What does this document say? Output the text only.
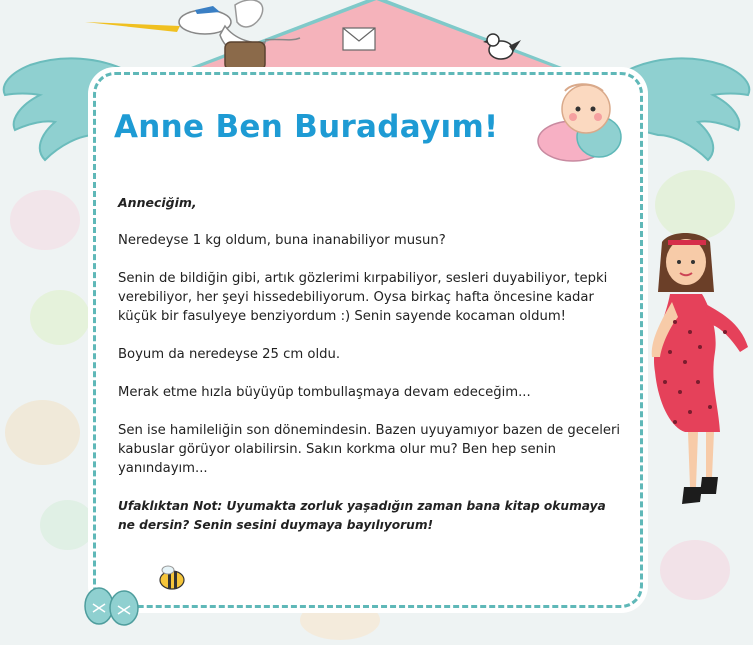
Anne Ben Buradayım!

Anneciğim,

Neredeyse 1 kg oldum, buna inanabiliyor musun?

Senin de bildiğin gibi, artık gözlerimi kırpabiliyor, sesleri duyabiliyor, tepki verebiliyor, her şeyi hissedebiliyorum. Oysa birkaç hafta öncesine kadar küçük bir fasulyeye benziyordum :) Senin sayende kocaman oldum!

Boyum da neredeyse 25 cm oldu.

Merak etme hızla büyüyüp tombullaşmaya devam edeceğim...

Sen ise hamileliğin son dönemindesin. Bazen uyuyamıyor bazen de geceleri kabuslar görüyor olabilirsin. Sakın korkma olur mu? Ben hep senin yanındayım...

Ufaklıktan Not: Uyumakta zorluk yaşadığın zaman bana kitap okumaya ne dersin? Senin sesini duymaya bayılıyorum!
